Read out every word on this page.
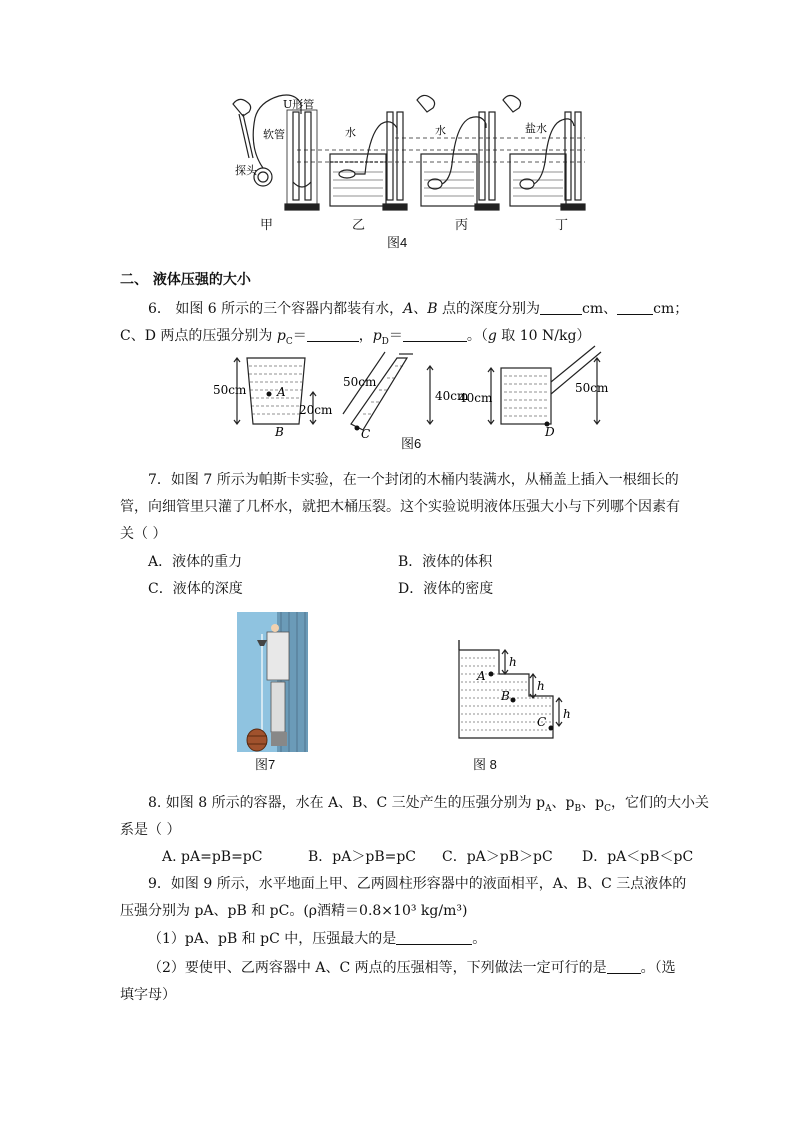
U形管
软管
探头
水	水	盐水
甲	乙	丙	丁
图4
二、 液体压强的大小
6． 如图 6 所示的三个容器内都装有水，A、B 点的深度分别为	cm、	cm；
C、D 两点的压强分别为 $p_C=$	，$p_D=$	。（g 取 10 N/kg）
50cm	A
20cm
B
50cm
40cm
C
40cm
50cm
D
图6
7．如图 7 所示为帕斯卡实验，在一个封闭的木桶内装满水，从桶盖上插入一根细长的
管，向细管里只灌了几杯水，就把木桶压裂。这个实验说明液体压强大小与下列哪个因素有
关（ ）
A．液体的重力	B．液体的体积
C．液体的深度	D．液体的密度
图7
h
h
h
A
B
C
图 8
8. 如图 8 所示的容器，水在 A、B、C 三处产生的压强分别为 $p_A$、$p_B$、$p_C$，它们的大小关
系是（ ）
A. pA=pB=pC	B．pA＞pB=pC C．pA＞pB＞pC D．pA＜pB＜pC
9．如图 9 所示，水平地面上甲、乙两圆柱形容器中的液面相平，A、B、C 三点液体的
压强分别为 pA、pB 和 pC。(ρ酒精＝0.8×10³ kg/m³)
（1）pA、pB 和 pC 中，压强最大的是	。
（2）要使甲、乙两容器中 A、C 两点的压强相等，下列做法一定可行的是 。（选
填字母）
